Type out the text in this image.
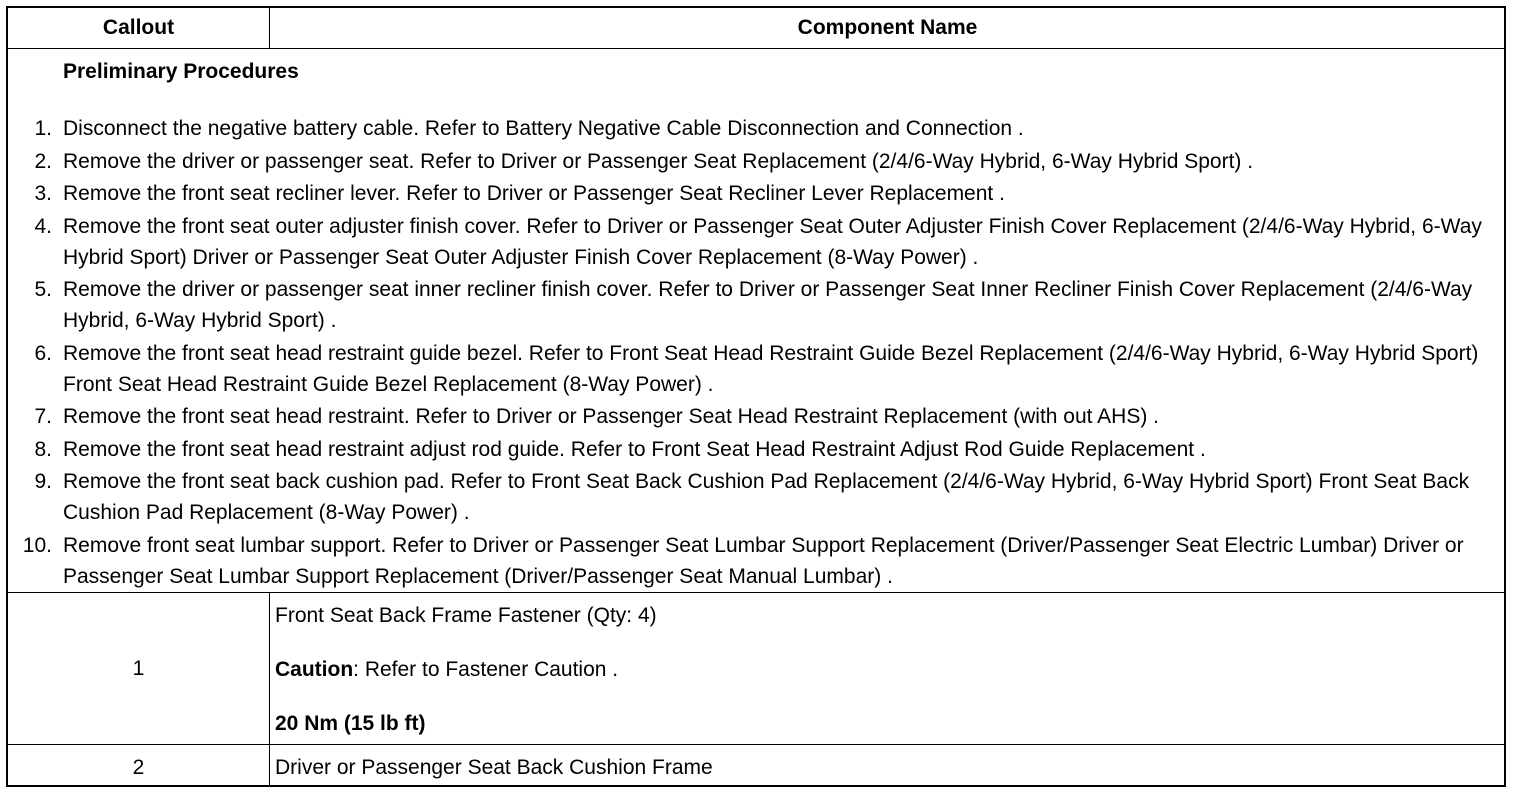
Callout	Component Name
Preliminary Procedures
1. Disconnect the negative battery cable. Refer to Battery Negative Cable Disconnection and Connection .
2. Remove the driver or passenger seat. Refer to Driver or Passenger Seat Replacement (2/4/6-Way Hybrid, 6-Way Hybrid Sport) .
3. Remove the front seat recliner lever. Refer to Driver or Passenger Seat Recliner Lever Replacement .
4. Remove the front seat outer adjuster finish cover. Refer to Driver or Passenger Seat Outer Adjuster Finish Cover Replacement (2/4/6-Way Hybrid, 6-Way Hybrid Sport) Driver or Passenger Seat Outer Adjuster Finish Cover Replacement (8-Way Power) .
5. Remove the driver or passenger seat inner recliner finish cover. Refer to Driver or Passenger Seat Inner Recliner Finish Cover Replacement (2/4/6-Way Hybrid, 6-Way Hybrid Sport) .
6. Remove the front seat head restraint guide bezel. Refer to Front Seat Head Restraint Guide Bezel Replacement (2/4/6-Way Hybrid, 6-Way Hybrid Sport) Front Seat Head Restraint Guide Bezel Replacement (8-Way Power) .
7. Remove the front seat head restraint. Refer to Driver or Passenger Seat Head Restraint Replacement (with out AHS) .
8. Remove the front seat head restraint adjust rod guide. Refer to Front Seat Head Restraint Adjust Rod Guide Replacement .
9. Remove the front seat back cushion pad. Refer to Front Seat Back Cushion Pad Replacement (2/4/6-Way Hybrid, 6-Way Hybrid Sport) Front Seat Back Cushion Pad Replacement (8-Way Power) .
10. Remove front seat lumbar support. Refer to Driver or Passenger Seat Lumbar Support Replacement (Driver/Passenger Seat Electric Lumbar) Driver or Passenger Seat Lumbar Support Replacement (Driver/Passenger Seat Manual Lumbar) .
1
Front Seat Back Frame Fastener (Qty: 4)
Caution: Refer to Fastener Caution .
20 Nm (15 lb ft)
2	Driver or Passenger Seat Back Cushion Frame
